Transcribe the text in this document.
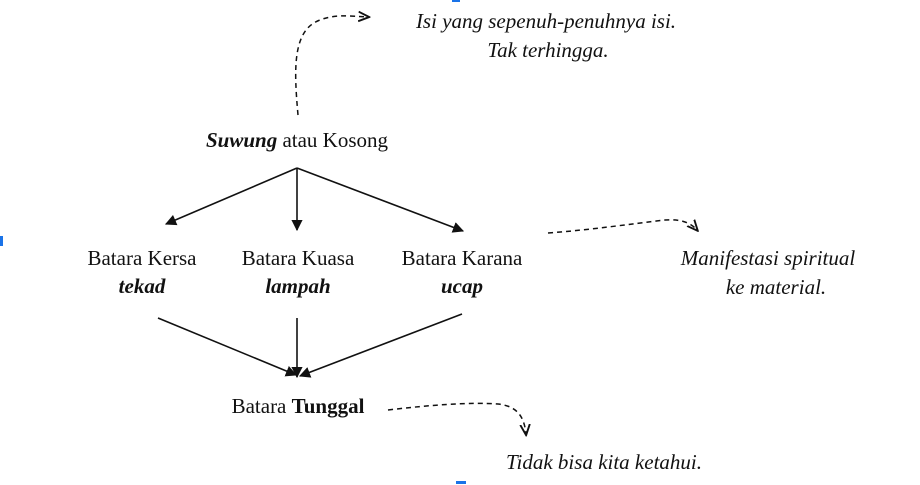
Isi yang sepenuh-penuhnya isi.
Tak terhingga.
Suwung atau Kosong
Batara Kersa
tekad
Batara Kuasa
lampah
Batara Karana
ucap
Manifestasi spiritual
ke material.
Batara Tunggal
Tidak bisa kita ketahui.
